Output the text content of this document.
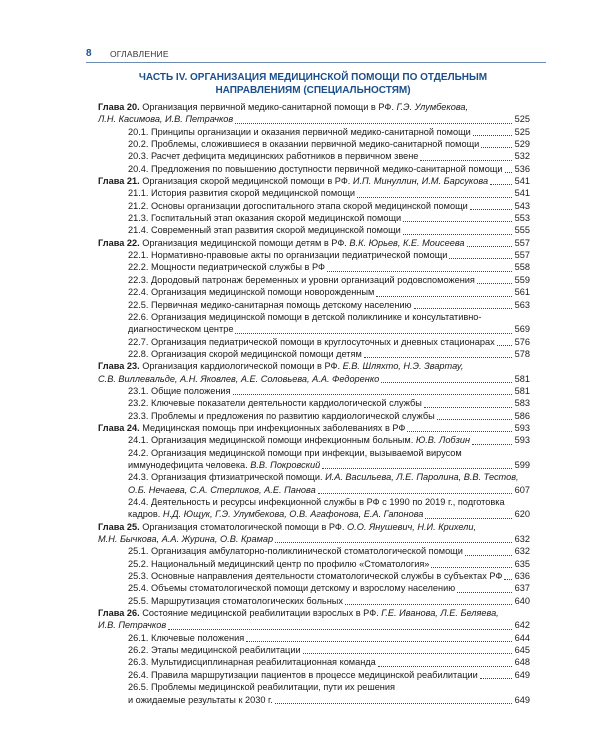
8 ОГЛАВЛЕНИЕ
ЧАСТЬ IV. ОРГАНИЗАЦИЯ МЕДИЦИНСКОЙ ПОМОЩИ ПО ОТДЕЛЬНЫМ НАПРАВЛЕНИЯМ (СПЕЦИАЛЬНОСТЯМ)
Глава 20. Организация первичной медико-санитарной помощи в РФ. Г.Э. Улумбекова,
Л.Н. Касимова, И.В. Петрачков	525
20.1. Принципы организации и оказания первичной медико-санитарной помощи	525
20.2. Проблемы, сложившиеся в оказании первичной медико-санитарной помощи	529
20.3. Расчет дефицита медицинских работников в первичном звене	532
20.4. Предложения по повышению доступности первичной медико-санитарной помощи 536
Глава 21. Организация скорой медицинской помощи в РФ. И.П. Минуллин, И.М. Барсукова	541
21.1. История развития скорой медицинской помощи	541
21.2. Основы организации догоспитального этапа скорой медицинской помощи	543
21.3. Госпитальный этап оказания скорой медицинской помощи	553
21.4. Современный этап развития скорой медицинской помощи	555
Глава 22. Организация медицинской помощи детям в РФ. В.К. Юрьев, К.Е. Моисеева	557
22.1. Нормативно-правовые акты по организации педиатрической помощи	557
22.2. Мощности педиатрической службы в РФ	558
22.3. Дородовый патронаж беременных и уровни организаций родовспоможения	559
22.4. Организация медицинской помощи новорожденным	561
22.5. Первичная медико-санитарная помощь детскому населению	563
22.6. Организация медицинской помощи в детской поликлинике и консультативно-
диагностическом центре	569
22.7. Организация педиатрической помощи в круглосуточных и дневных стационарах 576
22.8. Организация скорой медицинской помощи детям	578
Глава 23. Организация кардиологической помощи в РФ. Е.В. Шляхто, Н.Э. Звартау,
С.В. Виллевальде, А.Н. Яковлев, А.Е. Соловьева, А.А. Федоренко	581
23.1. Общие положения	581
23.2. Ключевые показатели деятельности кардиологической службы	583
23.3. Проблемы и предложения по развитию кардиологической службы	586
Глава 24. Медицинская помощь при инфекционных заболеваниях в РФ	593
24.1. Организация медицинской помощи инфекционным больным. Ю.В. Лобзин	593
24.2. Организация медицинской помощи при инфекции, вызываемой вирусом
иммунодефицита человека. В.В. Покровский	599
24.3. Организация фтизиатрической помощи. И.А. Васильева, Л.Е. Паролина, В.В. Тестов,
О.Б. Нечаева, С.А. Стерликов, А.Е. Панова	607
24.4. Деятельность и ресурсы инфекционной службы в РФ с 1990 по 2019 г., подготовка
кадров. Н.Д. Ющук, Г.Э. Улумбекова, О.В. Агафонова, Е.А. Гапонова	620
Глава 25. Организация стоматологической помощи в РФ. О.О. Янушевич, Н.И. Крихели,
М.Н. Бычкова, А.А. Журина, О.В. Крамар	632
25.1. Организация амбулаторно-поликлинической стоматологической помощи	632
25.2. Национальный медицинский центр по профилю «Стоматология»	635
25.3. Основные направления деятельности стоматологической службы в субъектах РФ 636
25.4. Объемы стоматологической помощи детскому и взрослому населению	637
25.5. Маршрутизация стоматологических больных	640
Глава 26. Состояние медицинской реабилитации взрослых в РФ. Г.Е. Иванова, Л.Е. Беляева,
И.В. Петрачков	642
26.1. Ключевые положения	644
26.2. Этапы медицинской реабилитации	645
26.3. Мультидисциплинарная реабилитационная команда	648
26.4. Правила маршрутизации пациентов в процессе медицинской реабилитации	649
26.5. Проблемы медицинской реабилитации, пути их решения
и ожидаемые результаты к 2030 г.	649
